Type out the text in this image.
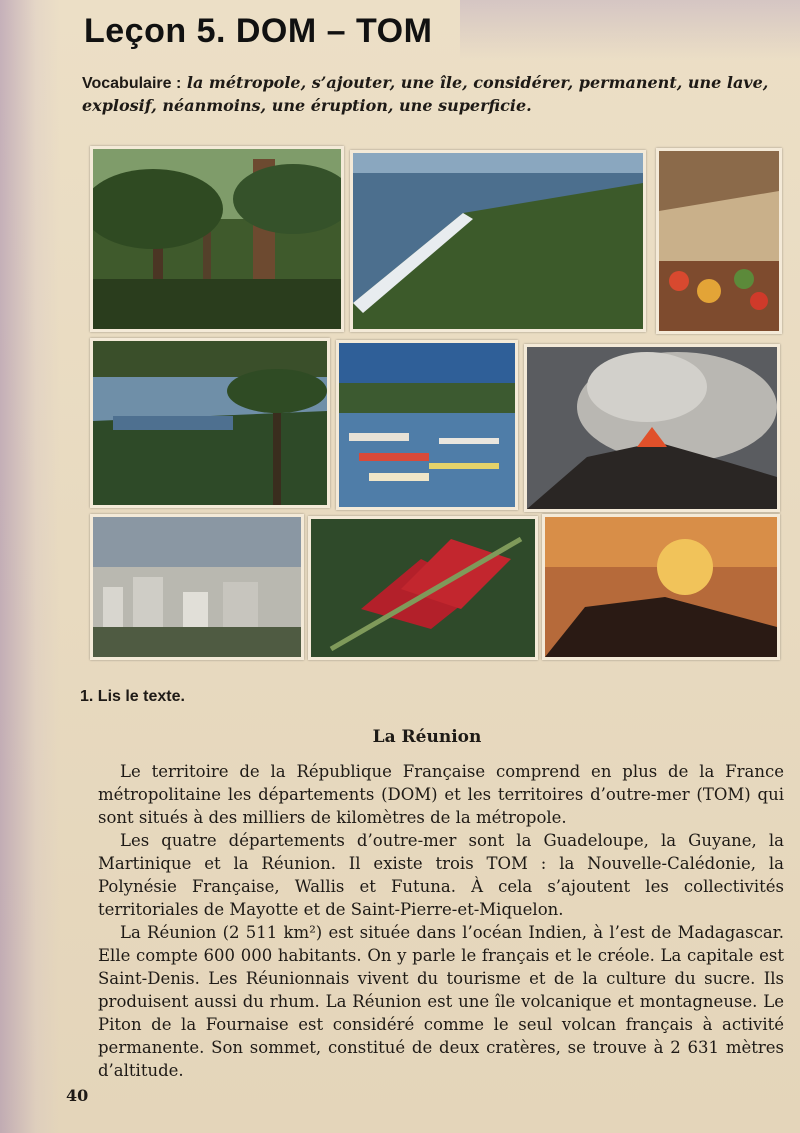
Leçon 5. DOM – TOM
Vocabulaire : la métropole, s’ajouter, une île, considérer, permanent, une lave, explosif, néanmoins, une éruption, une superficie.
1. Lis le texte.
La Réunion

Le territoire de la République Française comprend en plus de la France métropolitaine les départements (DOM) et les territoires d’outre-mer (TOM) qui sont situés à des milliers de kilomètres de la métropole.

Les quatre départements d’outre-mer sont la Guadeloupe, la Guyane, la Martinique et la Réunion. Il existe trois TOM : la Nouvelle-Calédonie, la Polynésie Française, Wallis et Futuna. À cela s’ajoutent les collectivités territoriales de Mayotte et de Saint-Pierre-et-Miquelon.

La Réunion (2 511 km²) est située dans l’océan Indien, à l’est de Madagascar. Elle compte 600 000 habitants. On y parle le français et le créole. La capitale est Saint-Denis. Les Réunionnais vivent du tourisme et de la culture du sucre. Ils produisent aussi du rhum. La Réunion est une île volcanique et montagneuse. Le Piton de la Fournaise est considéré comme le seul volcan français à activité permanente. Son sommet, constitué de deux cratères, se trouve à 2 631 mètres d’altitude.

40
